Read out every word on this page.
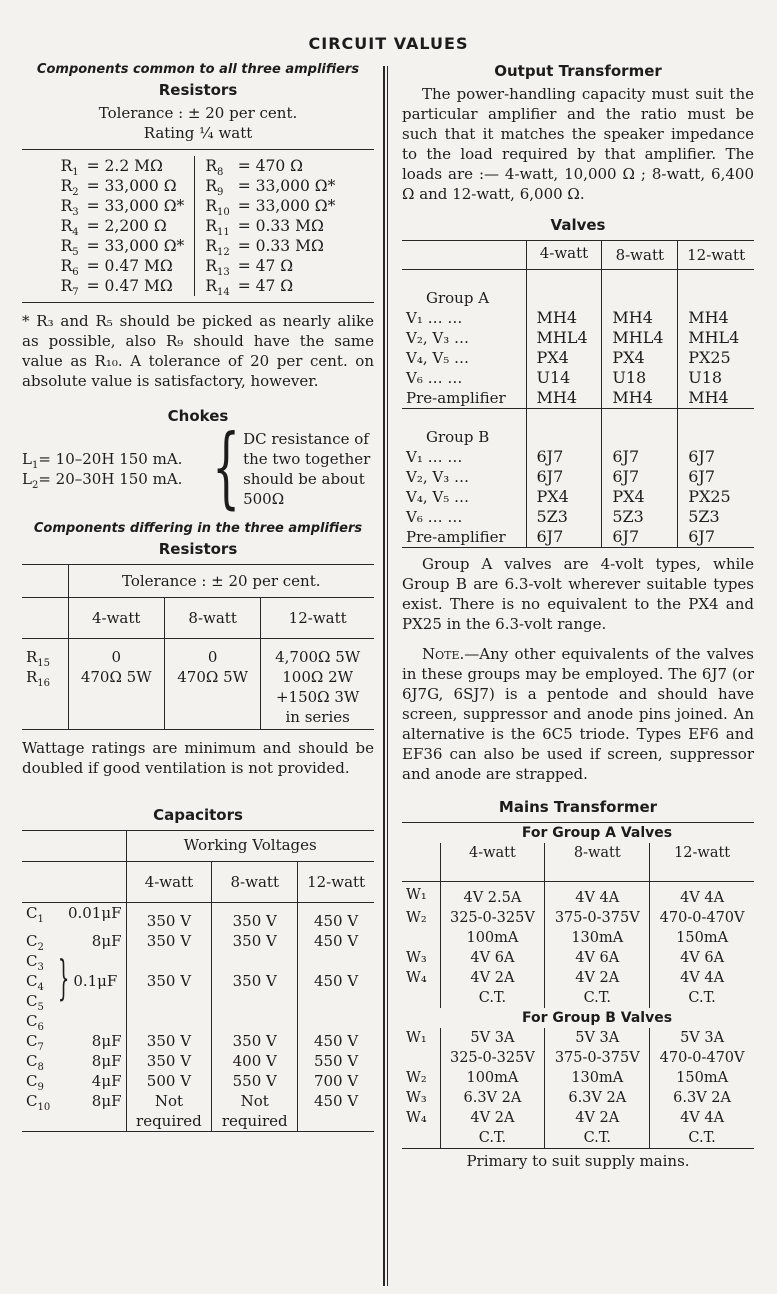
CIRCUIT VALUES
Components common to all three amplifiers
Resistors
Tolerance : ± 20 per cent.
Rating ¼ watt
$R_1$	= 2.2 MΩ	$R_8$	= 470 Ω
$R_2$	= 33,000 Ω	$R_9$	= 33,000 Ω*
$R_3$	= 33,000 Ω*	$R_{10}$	= 33,000 Ω*
$R_4$	= 2,200 Ω	$R_{11}$	= 0.33 MΩ
$R_5$	= 33,000 Ω*	$R_{12}$	= 0.33 MΩ
$R_6$	= 0.47 MΩ	$R_{13}$	= 47 Ω
$R_7$	= 0.47 MΩ	$R_{14}$	= 47 Ω

* R₃ and R₅ should be picked as nearly alike as possible, also R₉ should have the same value as R₁₀. A tolerance of 20 per cent. on absolute value is satisfactory, however.

Chokes
$L_1= 10-20H$ 150 mA.
$L_2= 20-30H$ 150 mA. { DC resistance of the two together should be about 500Ω
Components differing in the three amplifiers
Resistors
	Tolerance : ± 20 per cent.		
	4-watt	8-watt	12-watt
$R_{15}$	0	0	4,700Ω 5W
$R_{16}$	470Ω 5W	470Ω 5W	100Ω 2W
			+150Ω 3W
			in series

Wattage ratings are minimum and should be doubled if good ventilation is not provided.

Capacitors
	Working Voltages		
	4-watt	8-watt	12-watt

$C_1$ 0.01μF 350 V	350 V	450 V

$C_2$	8μF 350 V	350 V	450 V
$C_3$			
$C_4$ } 0.1μF	350 V	350 V	450 V
$C_5$			
$C_6$			

$C_7$	8μF 350 V	350 V	450 V

$C_8$	8μF 350 V	400 V	550 V

$C_9$	4μF 500 V	550 V	700 V

$C_{10}$	8μF Not	Not	450 V
	required	required	
Output Transformer

The power-handling capacity must suit the particular amplifier and the ratio must be such that it matches the speaker impedance to the load required by that amplifier. The loads are :— 4-watt, 10,000 Ω ; 8-watt, 6,400 Ω and 12-watt, 6,000 Ω.

Valves
	4-watt	8-watt	12-watt
Group A			
V₁ … …	MH4	MH4	MH4
V₂, V₃ …	MHL4	MHL4	MHL4
V₄, V₅ …	PX4	PX4	PX25
V₆ … …	U14	U18	U18
Pre-amplifier	MH4	MH4	MH4
Group B			
V₁ … …	6J7	6J7	6J7
V₂, V₃ …	6J7	6J7	6J7
V₄, V₅ …	PX4	PX4	PX25
V₆ … …	5Z3	5Z3	5Z3
Pre-amplifier	6J7	6J7	6J7

Group A valves are 4-volt types, while Group B are 6.3-volt wherever suitable types exist. There is no equivalent to the PX4 and PX25 in the 6.3-volt range.

Note.—Any other equivalents of the valves in these groups may be employed. The 6J7 (or 6J7G, 6SJ7) is a pentode and should have screen, suppressor and anode pins joined. An alternative is the 6C5 triode. Types EF6 and EF36 can also be used if screen, suppressor and anode are strapped.

Mains Transformer
	For Group A Valves		
	4-watt	8-watt	12-watt
W₁	4V 2.5A	4V 4A	4V 4A
W₂	325-0-325V	375-0-375V	470-0-470V
	100mA	130mA	150mA
W₃	4V 6A	4V 6A	4V 6A
W₄	4V 2A	4V 2A	4V 4A
	C.T.	C.T.	C.T.
	For Group B Valves		
W₁	5V 3A	5V 3A	5V 3A
	325-0-325V	375-0-375V	470-0-470V
W₂	100mA	130mA	150mA
W₃	6.3V 2A	6.3V 2A	6.3V 2A
W₄	4V 2A	4V 2A	4V 4A
	C.T.	C.T.	C.T.
Primary to suit supply mains.
